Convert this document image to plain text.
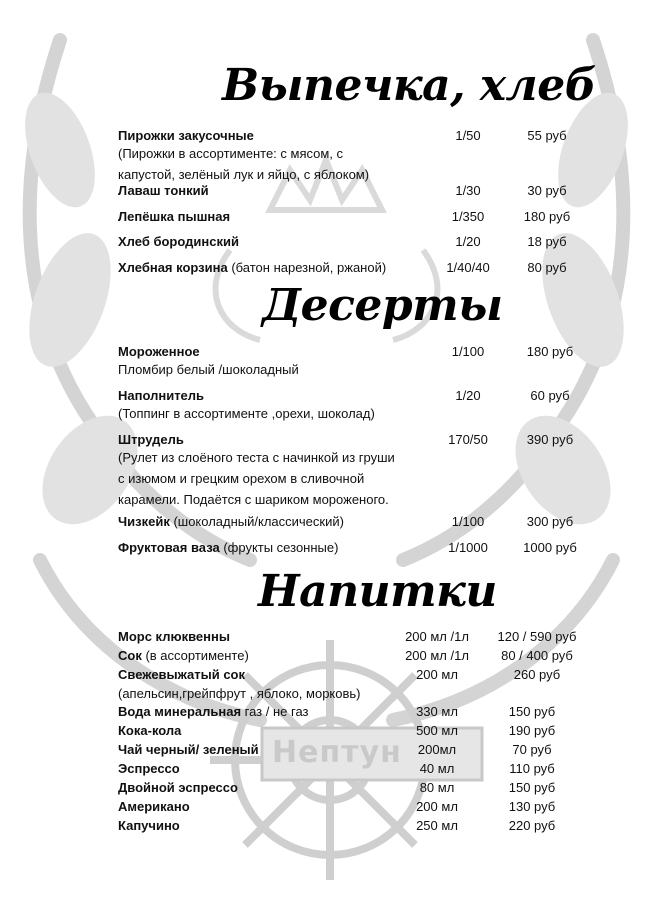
Нептун
Выпечка, хлеб
Пирожки закусочные	1/50	55 руб
(Пирожки в ассортименте: с мясом, с
капустой, зелёный лук и яйцо, с яблоком)
Лаваш тонкий	1/30	30 руб
Лепёшка пышная	1/350	180 руб
Хлеб бородинский	1/20	18 руб
Хлебная корзина (батон нарезной, ржаной)	1/40/40	80 руб
Десерты
Мороженное	1/100	180 руб
Пломбир белый /шоколадный
Наполнитель	1/20	60 руб
(Топпинг в ассортименте ,орехи, шоколад)
Штрудель	170/50	390 руб
(Рулет из слоёного теста с начинкой из груши
с изюмом и грецким орехом в сливочной
карамели. Подаётся с шариком мороженого.
Чизкейк (шоколадный/классический)	1/100	300 руб
Фруктовая ваза (фрукты сезонные)	1/1000	1000 руб
Напитки
Морс клюквенны	200 мл /1л	120 / 590 руб
Сок (в ассортименте)	200 мл /1л	80 / 400 руб
Свежевыжатый сок	200 мл	260 руб
(апельсин,грейпфрут , яблоко, морковь)
Вода минеральная газ / не газ	330 мл	150 руб
Кока-кола	500 мл	190 руб
Чай черный/ зеленый	200мл	70 руб
Эспрессо	40 мл	110 руб
Двойной эспрессо	80 мл	150 руб
Американо	200 мл	130 руб
Капучино	250 мл	220 руб
